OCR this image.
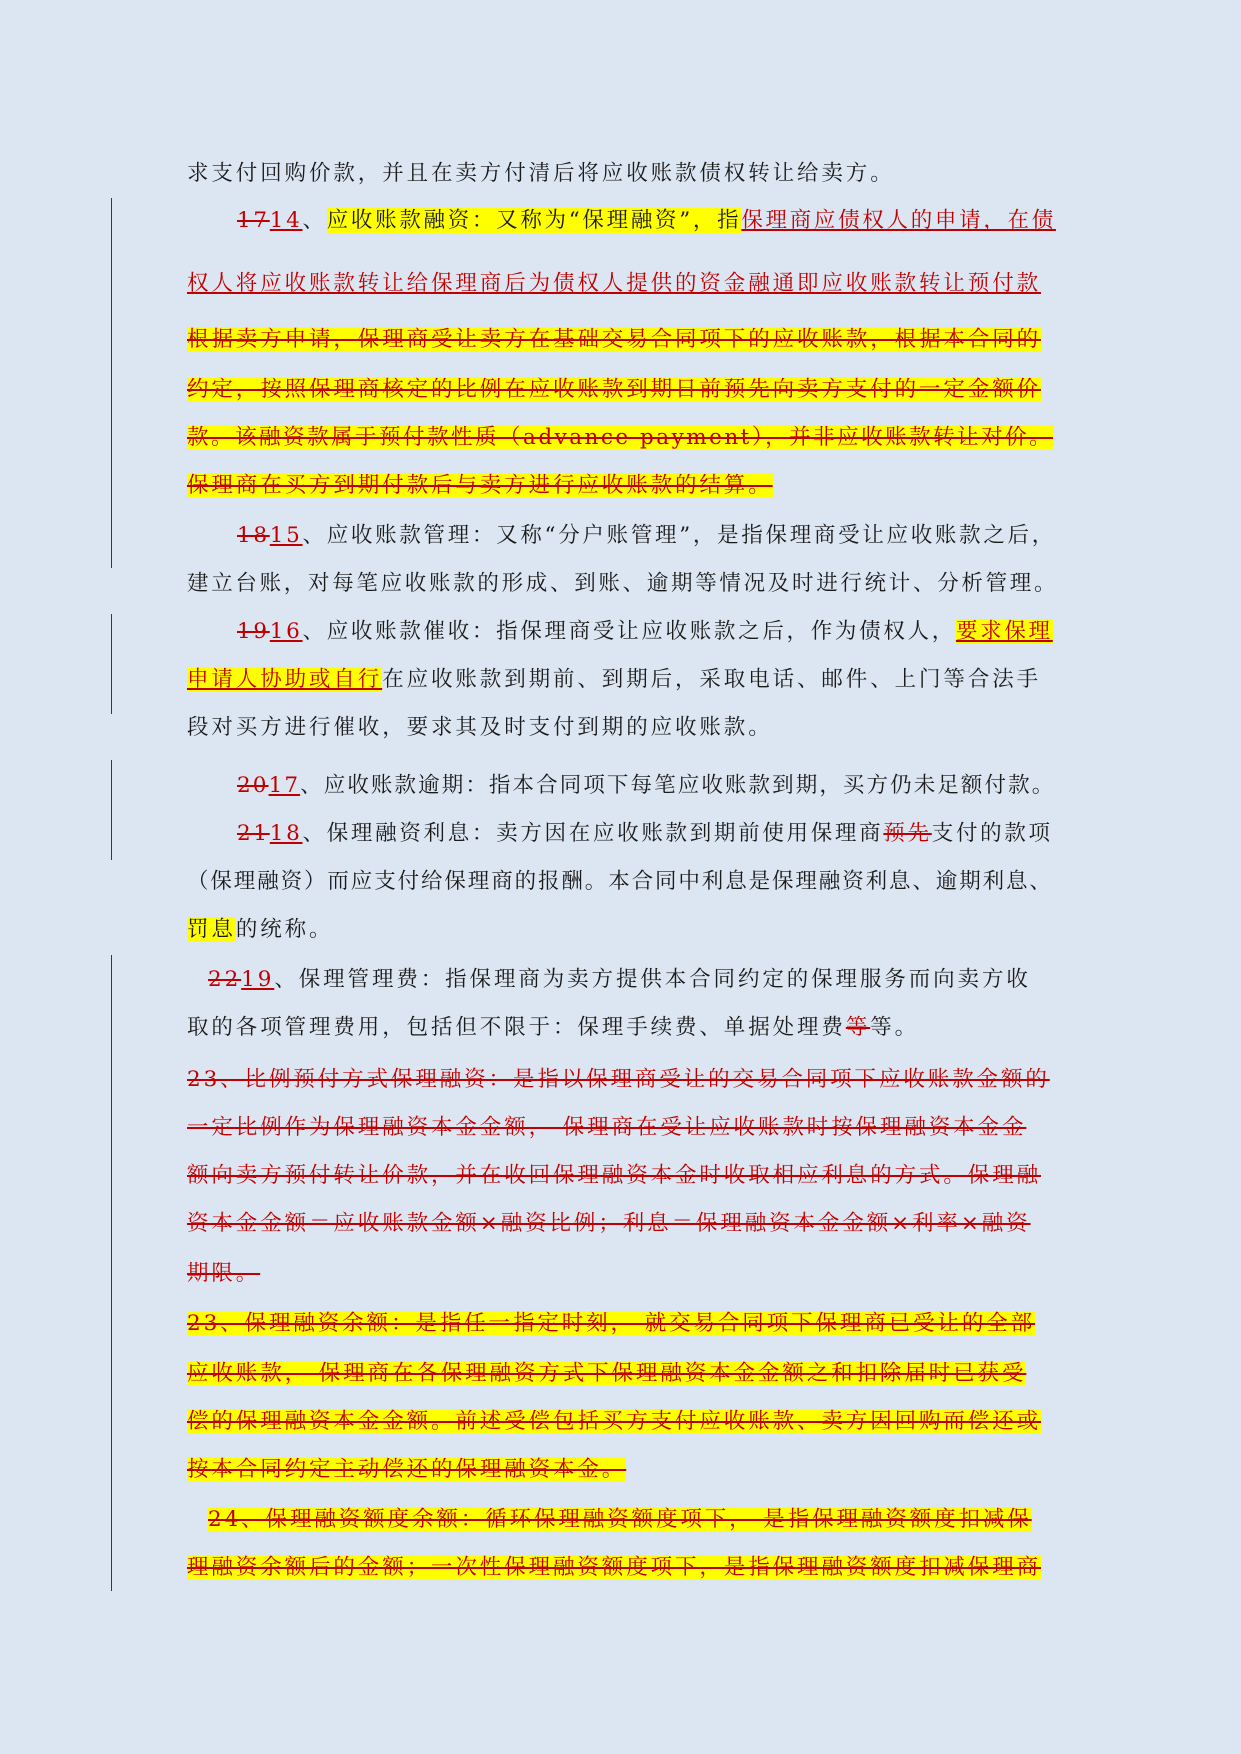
求支付回购价款，并且在卖方付清后将应收账款债权转让给卖方。
1714、应收账款融资：又称为“保理融资”，指保理商应债权人的申请，在债
权人将应收账款转让给保理商后为债权人提供的资金融通即应收账款转让预付款
根据卖方申请，保理商受让卖方在基础交易合同项下的应收账款，根据本合同的
约定，按照保理商核定的比例在应收账款到期日前预先向卖方支付的一定金额价
款。该融资款属于预付款性质（advance payment），并非应收账款转让对价。
保理商在买方到期付款后与卖方进行应收账款的结算。
1815、应收账款管理：又称“分户账管理”，是指保理商受让应收账款之后，
建立台账，对每笔应收账款的形成、到账、逾期等情况及时进行统计、分析管理。
1916、应收账款催收：指保理商受让应收账款之后，作为债权人，要求保理
申请人协助或自行在应收账款到期前、到期后，采取电话、邮件、上门等合法手
段对买方进行催收，要求其及时支付到期的应收账款。
2017、应收账款逾期：指本合同项下每笔应收账款到期，买方仍未足额付款。
2118、保理融资利息：卖方因在应收账款到期前使用保理商预先支付的款项
（保理融资）而应支付给保理商的报酬。本合同中利息是保理融资利息、逾期利息、
罚息的统称。
2219、保理管理费：指保理商为卖方提供本合同约定的保理服务而向卖方收
取的各项管理费用，包括但不限于：保理手续费、单据处理费等等。
23、比例预付方式保理融资：是指以保理商受让的交易合同项下应收账款金额的
一定比例作为保理融资本金金额， 保理商在受让应收账款时按保理融资本金金
额向卖方预付转让价款，并在收回保理融资本金时收取相应利息的方式。保理融
资本金金额＝应收账款金额×融资比例；利息＝保理融资本金金额×利率×融资
期限。
23、保理融资余额：是指任一指定时刻， 就交易合同项下保理商已受让的全部
应收账款， 保理商在各保理融资方式下保理融资本金金额之和扣除届时已获受
偿的保理融资本金金额。前述受偿包括买方支付应收账款、卖方因回购而偿还或
按本合同约定主动偿还的保理融资本金。
24、保理融资额度余额：循环保理融资额度项下， 是指保理融资额度扣减保
理融资余额后的金额；一次性保理融资额度项下，是指保理融资额度扣减保理商
